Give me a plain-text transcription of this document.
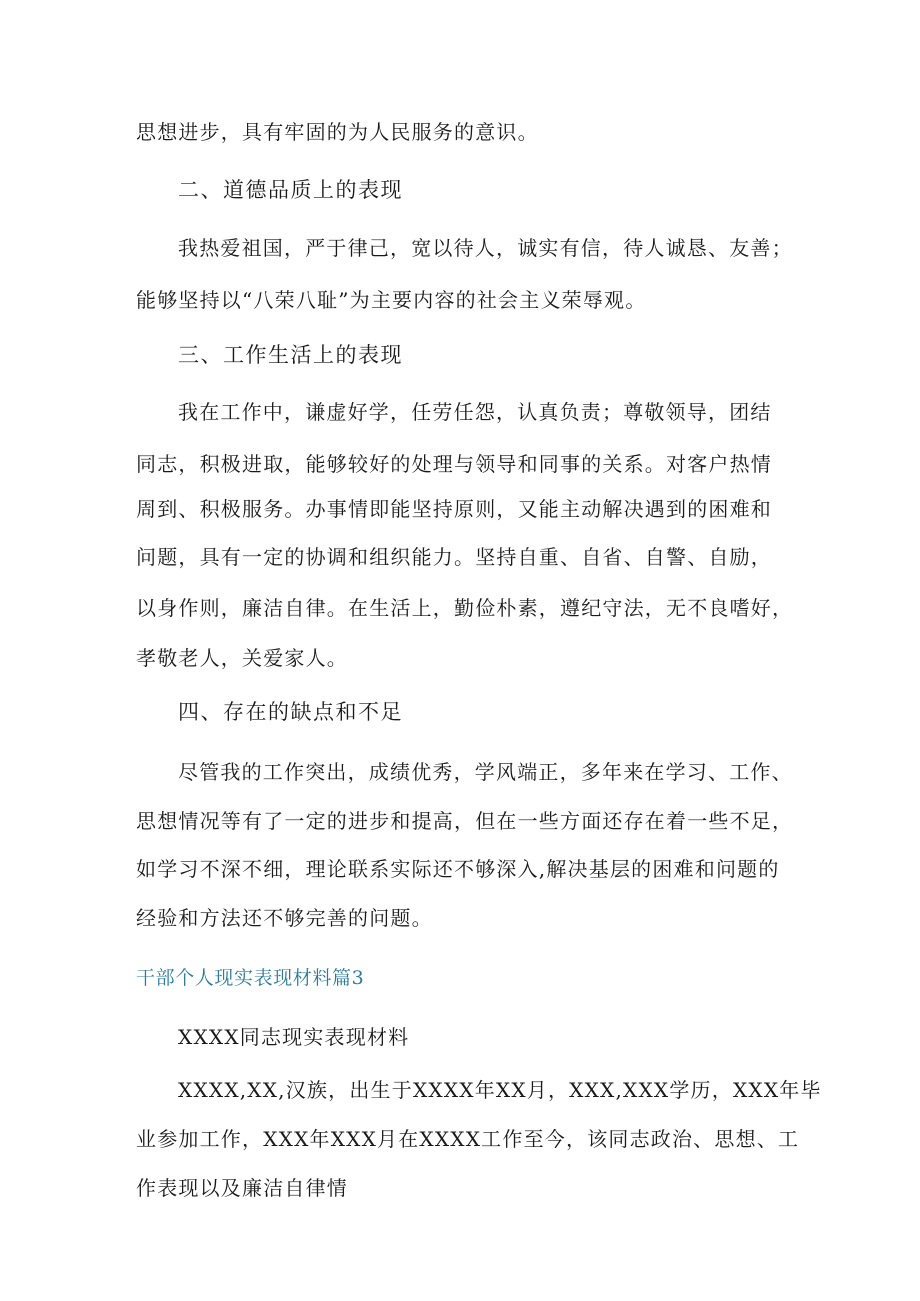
思想进步，具有牢固的为人民服务的意识。
二、道德品质上的表现
我热爱祖国，严于律己，宽以待人，诚实有信，待人诚恳、友善；
能够坚持以“八荣八耻”为主要内容的社会主义荣辱观。
三、工作生活上的表现
我在工作中，谦虚好学，任劳任怨，认真负责；尊敬领导，团结
同志，积极进取，能够较好的处理与领导和同事的关系。对客户热情
周到、积极服务。办事情即能坚持原则，又能主动解决遇到的困难和
问题，具有一定的协调和组织能力。坚持自重、自省、自警、自励，
以身作则，廉洁自律。在生活上，勤俭朴素，遵纪守法，无不良嗜好，
孝敬老人，关爱家人。
四、存在的缺点和不足
尽管我的工作突出，成绩优秀，学风端正，多年来在学习、工作、
思想情况等有了一定的进步和提高，但在一些方面还存在着一些不足，
如学习不深不细，理论联系实际还不够深入,解决基层的困难和问题的
经验和方法还不够完善的问题。
干部个人现实表现材料篇3
XXXX同志现实表现材料
XXXX,XX,汉族，出生于XXXX年XX月，XXX,XXX学历，XXX年毕
业参加工作，XXX年XXX月在XXXX工作至今，该同志政治、思想、工
作表现以及廉洁自律情
